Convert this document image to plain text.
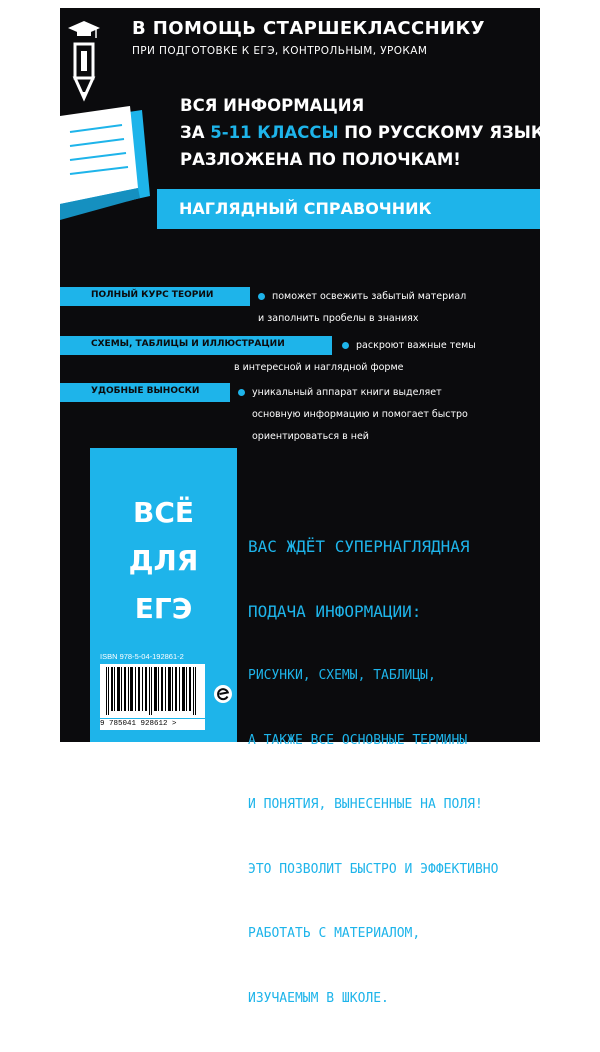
В ПОМОЩЬ СТАРШЕКЛАССНИКУ
ПРИ ПОДГОТОВКЕ К ЕГЭ, КОНТРОЛЬНЫМ, УРОКАМ
ВСЯ ИНФОРМАЦИЯ
ЗА 5-11 КЛАССЫ ПО РУССКОМУ ЯЗЫКУ
РАЗЛОЖЕНА ПО ПОЛОЧКАМ!
НАГЛЯДНЫЙ СПРАВОЧНИК
ПОЛНЫЙ КУРС ТЕОРИИ	поможет освежить забытый материал
и заполнить пробелы в знаниях
СХЕМЫ, ТАБЛИЦЫ И ИЛЛЮСТРАЦИИ	раскроют важные темы
в интересной и наглядной форме
УДОБНЫЕ ВЫНОСКИ	уникальный аппарат книги выделяет
основную информацию и помогает быстро
ориентироваться в ней
ВСЁ
ДЛЯ
ЕГЭ
ISBN 978-5-04-192861-2
9 785041 928612 >

ВАС ЖДЁТ СУПЕРНАГЛЯДНАЯ

ПОДАЧА ИНФОРМАЦИИ:

РИСУНКИ, СХЕМЫ, ТАБЛИЦЫ,

А ТАКЖЕ ВСЕ ОСНОВНЫЕ ТЕРМИНЫ

И ПОНЯТИЯ, ВЫНЕСЕННЫЕ НА ПОЛЯ!

ЭТО ПОЗВОЛИТ БЫСТРО И ЭФФЕКТИВНО

РАБОТАТЬ С МАТЕРИАЛОМ,

ИЗУЧАЕМЫМ В ШКОЛЕ.
